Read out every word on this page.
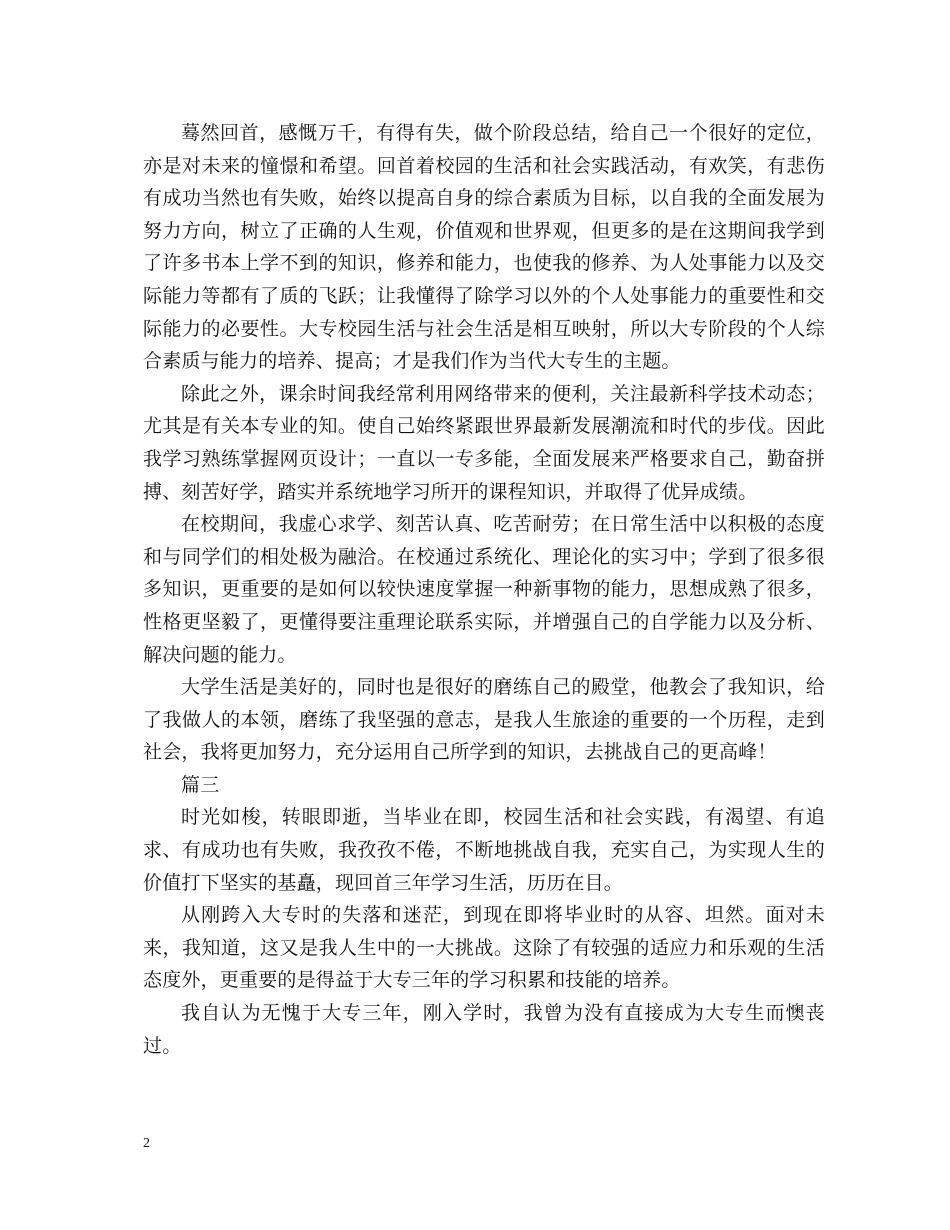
蓦然回首，感慨万千，有得有失，做个阶段总结，给自己一个很好的定位，亦是对未来的憧憬和希望。回首着校园的生活和社会实践活动，有欢笑，有悲伤有成功当然也有失败，始终以提高自身的综合素质为目标，以自我的全面发展为努力方向，树立了正确的人生观，价值观和世界观，但更多的是在这期间我学到了许多书本上学不到的知识，修养和能力，也使我的修养、为人处事能力以及交际能力等都有了质的飞跃；让我懂得了除学习以外的个人处事能力的重要性和交际能力的必要性。大专校园生活与社会生活是相互映射，所以大专阶段的个人综合素质与能力的培养、提高；才是我们作为当代大专生的主题。

除此之外，课余时间我经常利用网络带来的便利，关注最新科学技术动态；尤其是有关本专业的知。使自己始终紧跟世界最新发展潮流和时代的步伐。因此我学习熟练掌握网页设计；一直以一专多能，全面发展来严格要求自己，勤奋拼搏、刻苦好学，踏实并系统地学习所开的课程知识，并取得了优异成绩。

在校期间，我虚心求学、刻苦认真、吃苦耐劳；在日常生活中以积极的态度和与同学们的相处极为融洽。在校通过系统化、理论化的实习中；学到了很多很多知识，更重要的是如何以较快速度掌握一种新事物的能力，思想成熟了很多，性格更坚毅了，更懂得要注重理论联系实际，并增强自己的自学能力以及分析、解决问题的能力。

大学生活是美好的，同时也是很好的磨练自己的殿堂，他教会了我知识，给了我做人的本领，磨练了我坚强的意志，是我人生旅途的重要的一个历程，走到社会，我将更加努力，充分运用自己所学到的知识，去挑战自己的更高峰！

篇三

时光如梭，转眼即逝，当毕业在即，校园生活和社会实践，有渴望、有追求、有成功也有失败，我孜孜不倦，不断地挑战自我，充实自己，为实现人生的价值打下坚实的基矗，现回首三年学习生活，历历在目。

从刚跨入大专时的失落和迷茫，到现在即将毕业时的从容、坦然。面对未来，我知道，这又是我人生中的一大挑战。这除了有较强的适应力和乐观的生活态度外，更重要的是得益于大专三年的学习积累和技能的培养。

我自认为无愧于大专三年，刚入学时，我曾为没有直接成为大专生而懊丧过。

2
